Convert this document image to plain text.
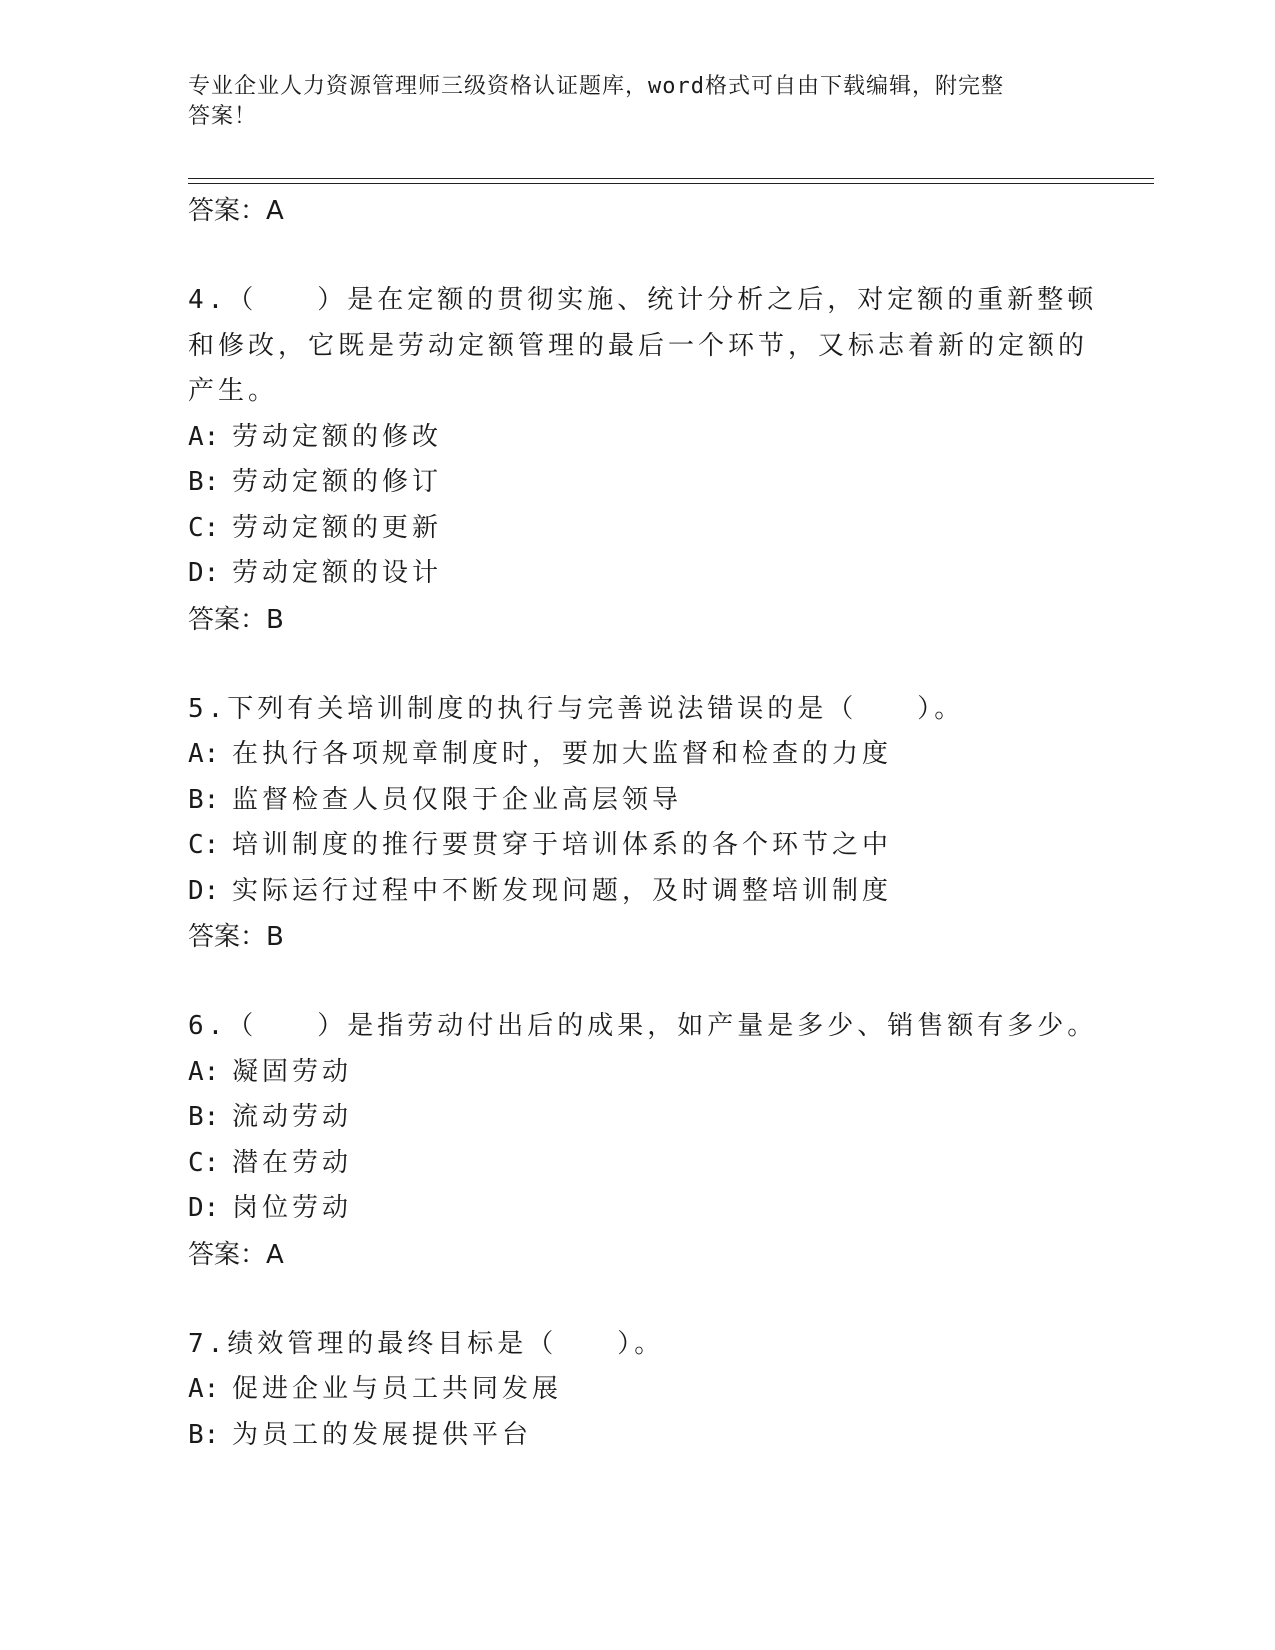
专业企业人力资源管理师三级资格认证题库，word格式可自由下载编辑，附完整
答案！
答案：A
4.（　　）是在定额的贯彻实施、统计分析之后，对定额的重新整顿
和修改，它既是劳动定额管理的最后一个环节，又标志着新的定额的
产生。
A: 劳动定额的修改
B: 劳动定额的修订
C: 劳动定额的更新
D: 劳动定额的设计
答案：B
5.下列有关培训制度的执行与完善说法错误的是（　　）。
A: 在执行各项规章制度时，要加大监督和检查的力度
B: 监督检查人员仅限于企业高层领导
C: 培训制度的推行要贯穿于培训体系的各个环节之中
D: 实际运行过程中不断发现问题，及时调整培训制度
答案：B
6.（　　）是指劳动付出后的成果，如产量是多少、销售额有多少。
A: 凝固劳动
B: 流动劳动
C: 潜在劳动
D: 岗位劳动
答案：A
7.绩效管理的最终目标是（　　）。
A: 促进企业与员工共同发展
B: 为员工的发展提供平台
